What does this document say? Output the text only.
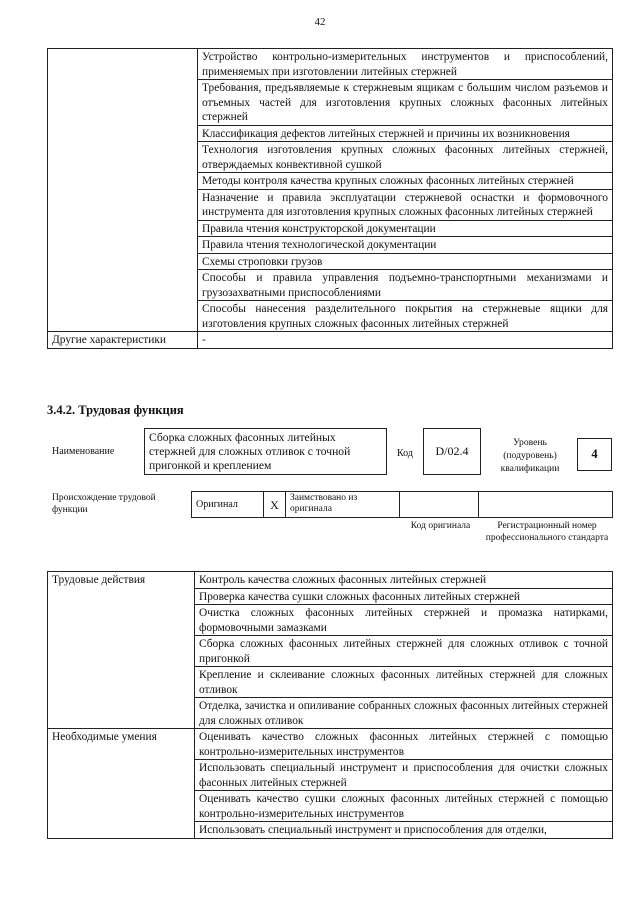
42
	Устройство контрольно-измерительных инструментов и приспособлений, применяемых при изготовлении литейных стержней
	Требования, предъявляемые к стержневым ящикам с большим числом разъемов и отъемных частей для изготовления крупных сложных фасонных литейных стержней
	Классификация дефектов литейных стержней и причины их возникновения
	Технология изготовления крупных сложных фасонных литейных стержней, отверждаемых конвективной сушкой
	Методы контроля качества крупных сложных фасонных литейных стержней
	Назначение и правила эксплуатации стержневой оснастки и формовочного инструмента для изготовления крупных сложных фасонных литейных стержней
	Правила чтения конструкторской документации
	Правила чтения технологической документации
	Схемы строповки грузов
	Способы и правила управления подъемно-транспортными механизмами и грузозахватными приспособлениями
	Способы нанесения разделительного покрытия на стержневые ящики для изготовления крупных сложных фасонных литейных стержней
Другие характеристики	-
3.4.2. Трудовая функция
Наименование
Сборка сложных фасонных литейных стержней для сложных отливок с точной пригонкой и креплением
Код D/02.4
Уровень (подуровень) квалификации
4
Происхождение трудовой функции
Оригинал	X	Заимствовано из оригинала		
Код оригинала	Регистрационный номер профессионального стандарта
Трудовые действия	Контроль качества сложных фасонных литейных стержней
	Проверка качества сушки сложных фасонных литейных стержней
	Очистка сложных фасонных литейных стержней и промазка натирками, формовочными замазками
	Сборка сложных фасонных литейных стержней для сложных отливок с точной пригонкой
	Крепление и склеивание сложных фасонных литейных стержней для сложных отливок
	Отделка, зачистка и опиливание собранных сложных фасонных литейных стержней для сложных отливок
Необходимые умения	Оценивать качество сложных фасонных литейных стержней с помощью контрольно-измерительных инструментов
	Использовать специальный инструмент и приспособления для очистки сложных фасонных литейных стержней
	Оценивать качество сушки сложных фасонных литейных стержней с помощью контрольно-измерительных инструментов
	Использовать специальный инструмент и приспособления для отделки,
